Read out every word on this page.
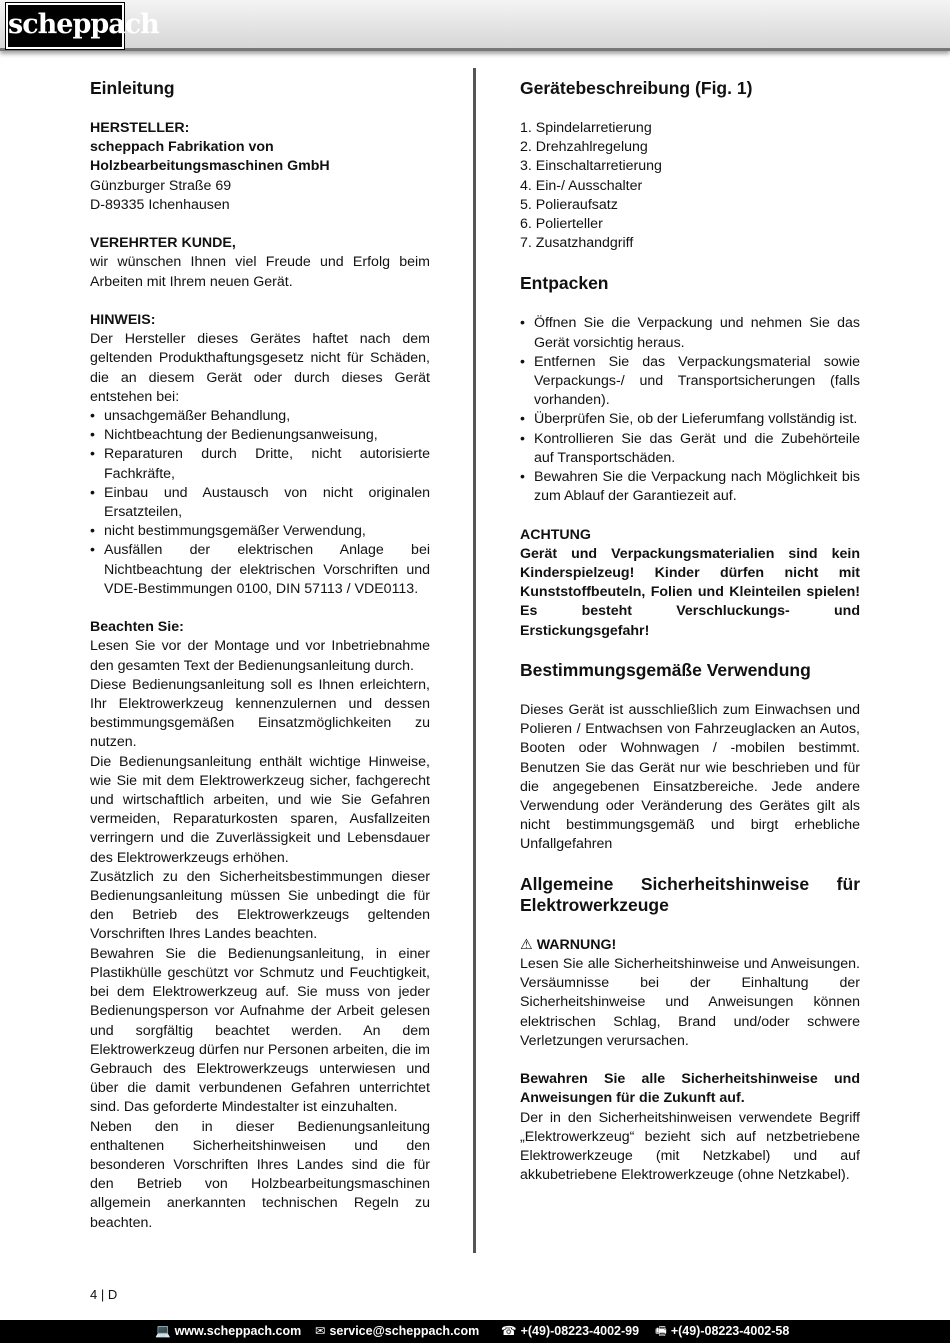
scheppach
Einleitung

HERSTELLER:

scheppach Fabrikation von

Holzbearbeitungsmaschinen GmbH

Günzburger Straße 69

D-89335 Ichenhausen

VEREHRTER KUNDE,

wir wünschen Ihnen viel Freude und Erfolg beim Arbeiten mit Ihrem neuen Gerät.

HINWEIS:

Der Hersteller dieses Gerätes haftet nach dem geltenden Produkthaftungsgesetz nicht für Schäden, die an diesem Gerät oder durch dieses Gerät entstehen bei:

• unsachgemäßer Behandlung,
• Nichtbeachtung der Bedienungsanweisung,
• Reparaturen durch Dritte, nicht autorisierte Fachkräfte,
• Einbau und Austausch von nicht originalen Ersatzteilen,
• nicht bestimmungsgemäßer Verwendung,
• Ausfällen der elektrischen Anlage bei Nichtbeachtung der elektrischen Vorschriften und VDE-Bestimmungen 0100, DIN 57113 / VDE0113.

Beachten Sie:

Lesen Sie vor der Montage und vor Inbetriebnahme den gesamten Text der Bedienungsanleitung durch.

Diese Bedienungsanleitung soll es Ihnen erleichtern, Ihr Elektrowerkzeug kennenzulernen und dessen bestimmungsgemäßen Einsatzmöglichkeiten zu nutzen.

Die Bedienungsanleitung enthält wichtige Hinweise, wie Sie mit dem Elektrowerkzeug sicher, fachgerecht und wirtschaftlich arbeiten, und wie Sie Gefahren vermeiden, Reparaturkosten sparen, Ausfallzeiten verringern und die Zuverlässigkeit und Lebensdauer des Elektrowerkzeugs erhöhen.

Zusätzlich zu den Sicherheitsbestimmungen dieser Bedienungsanleitung müssen Sie unbedingt die für den Betrieb des Elektrowerkzeugs geltenden Vorschriften Ihres Landes beachten.

Bewahren Sie die Bedienungsanleitung, in einer Plastikhülle geschützt vor Schmutz und Feuchtigkeit, bei dem Elektrowerkzeug auf. Sie muss von jeder Bedienungsperson vor Aufnahme der Arbeit gelesen und sorgfältig beachtet werden. An dem Elektrowerkzeug dürfen nur Personen arbeiten, die im Gebrauch des Elektrowerkzeugs unterwiesen und über die damit verbundenen Gefahren unterrichtet sind. Das geforderte Mindestalter ist einzuhalten.

Neben den in dieser Bedienungsanleitung enthaltenen Sicherheitshinweisen und den besonderen Vorschriften Ihres Landes sind die für den Betrieb von Holzbearbeitungsmaschinen allgemein anerkannten technischen Regeln zu beachten.

Gerätebeschreibung (Fig. 1)
1. Spindelarretierung
2. Drehzahlregelung
3. Einschaltarretierung
4. Ein-/ Ausschalter
5. Polieraufsatz
6. Polierteller
7. Zusatzhandgriff
Entpacken
• Öffnen Sie die Verpackung und nehmen Sie das Gerät vorsichtig heraus.
• Entfernen Sie das Verpackungsmaterial sowie Verpackungs-/ und Transportsicherungen (falls vorhanden).
• Überprüfen Sie, ob der Lieferumfang vollständig ist.
• Kontrollieren Sie das Gerät und die Zubehörteile auf Transportschäden.
• Bewahren Sie die Verpackung nach Möglichkeit bis zum Ablauf der Garantiezeit auf.

ACHTUNG

Gerät und Verpackungsmaterialien sind kein Kinderspielzeug! Kinder dürfen nicht mit Kunststoffbeuteln, Folien und Kleinteilen spielen! Es besteht Verschluckungs- und Erstickungsgefahr!

Bestimmungsgemäße Verwendung

Dieses Gerät ist ausschließlich zum Einwachsen und Polieren / Entwachsen von Fahrzeuglacken an Autos, Booten oder Wohnwagen / -mobilen bestimmt. Benutzen Sie das Gerät nur wie beschrieben und für die angegebenen Einsatzbereiche. Jede andere Verwendung oder Veränderung des Gerätes gilt als nicht bestimmungsgemäß und birgt erhebliche Unfallgefahren

Allgemeine Sicherheitshinweise für
Elektrowerkzeuge

⚠ WARNUNG!

Lesen Sie alle Sicherheitshinweise und Anweisungen. Versäumnisse bei der Einhaltung der Sicherheitshinweise und Anweisungen können elektrischen Schlag, Brand und/oder schwere Verletzungen verursachen.

Bewahren Sie alle Sicherheitshinweise und Anweisungen für die Zukunft auf.

Der in den Sicherheitshinweisen verwendete Begriff „Elektrowerkzeug“ bezieht sich auf netzbetriebene Elektrowerkzeuge (mit Netzkabel) und auf akkubetriebene Elektrowerkzeuge (ohne Netzkabel).

4 | D
💻 www.scheppach.com ✉ service@scheppach.com ☎ +(49)-08223-4002-99 🖷 +(49)-08223-4002-58
